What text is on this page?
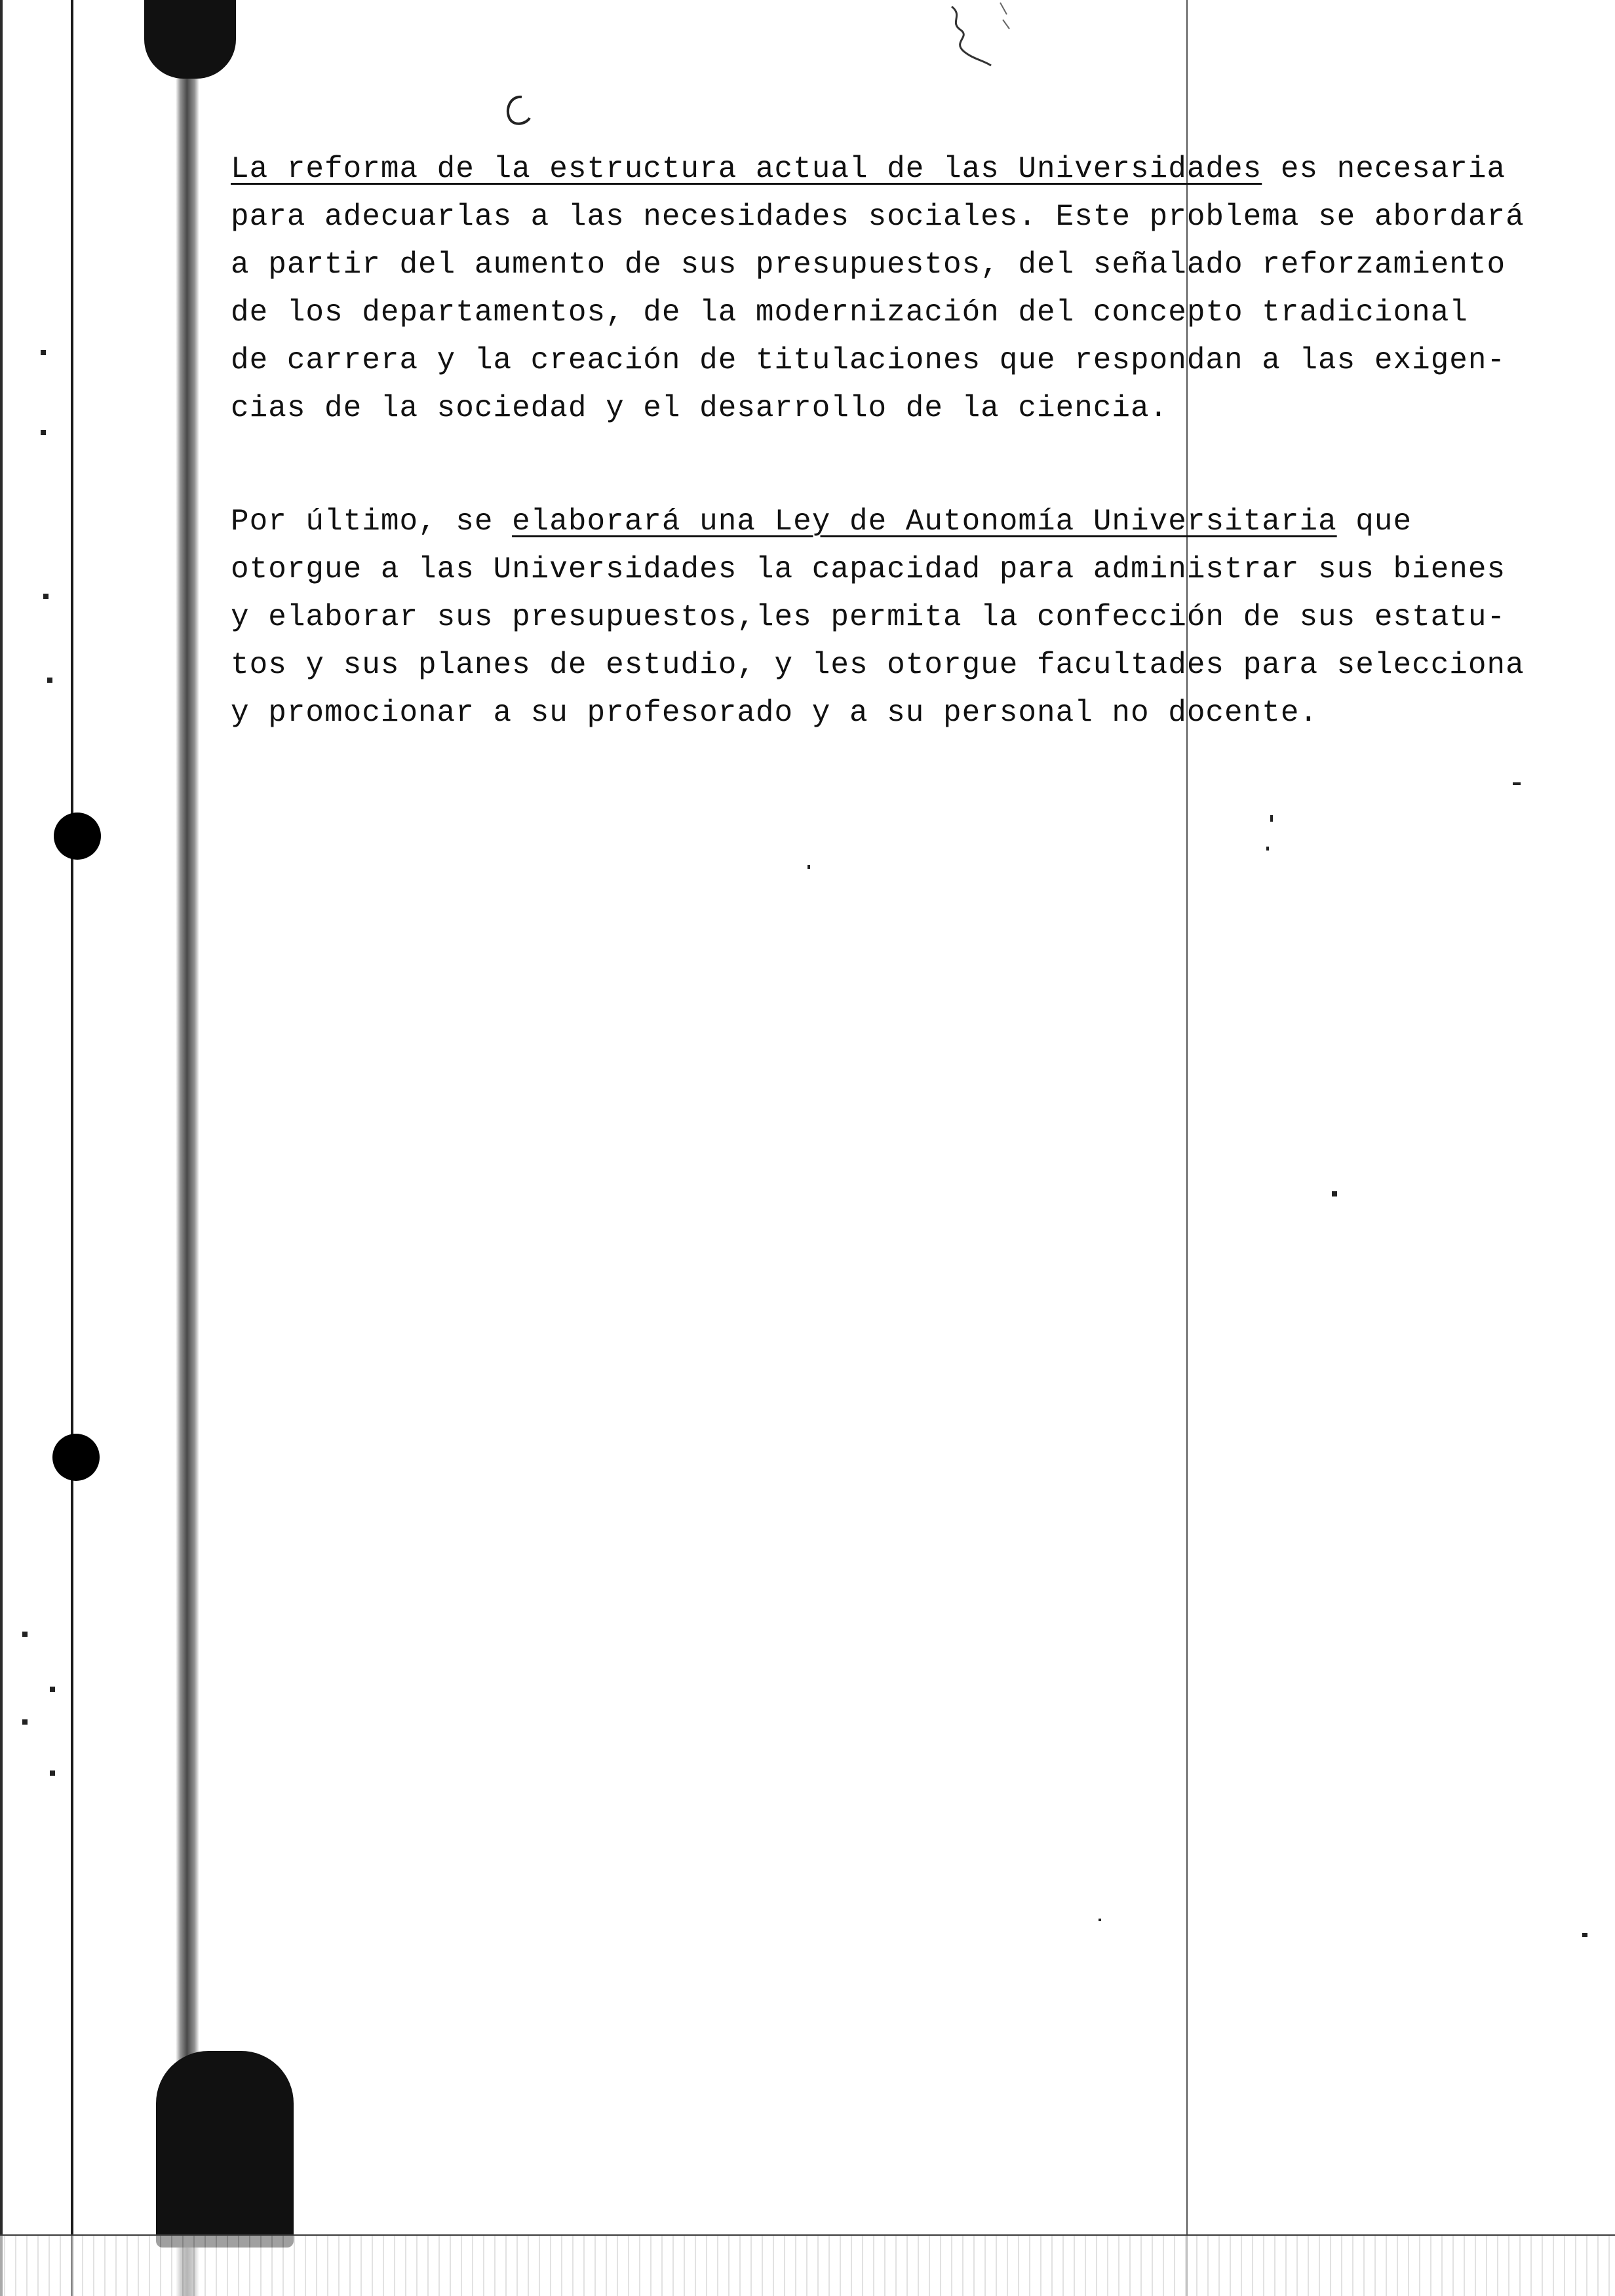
La reforma de la estructura actual de las Universidades es necesaria
para adecuarlas a las necesidades sociales. Este problema se abordará
a partir del aumento de sus presupuestos, del señalado reforzamiento
de los departamentos, de la modernización del concepto tradicional
de carrera y la creación de titulaciones que respondan a las exigen-
cias de la sociedad y el desarrollo de la ciencia.

Por último, se elaborará una Ley de Autonomía Universitaria que
otorgue a las Universidades la capacidad para administrar sus bienes
y elaborar sus presupuestos,les permita la confección de sus estatu-
tos y sus planes de estudio, y les otorgue facultades para selecciona
y promocionar a su profesorado y a su personal no docente.
